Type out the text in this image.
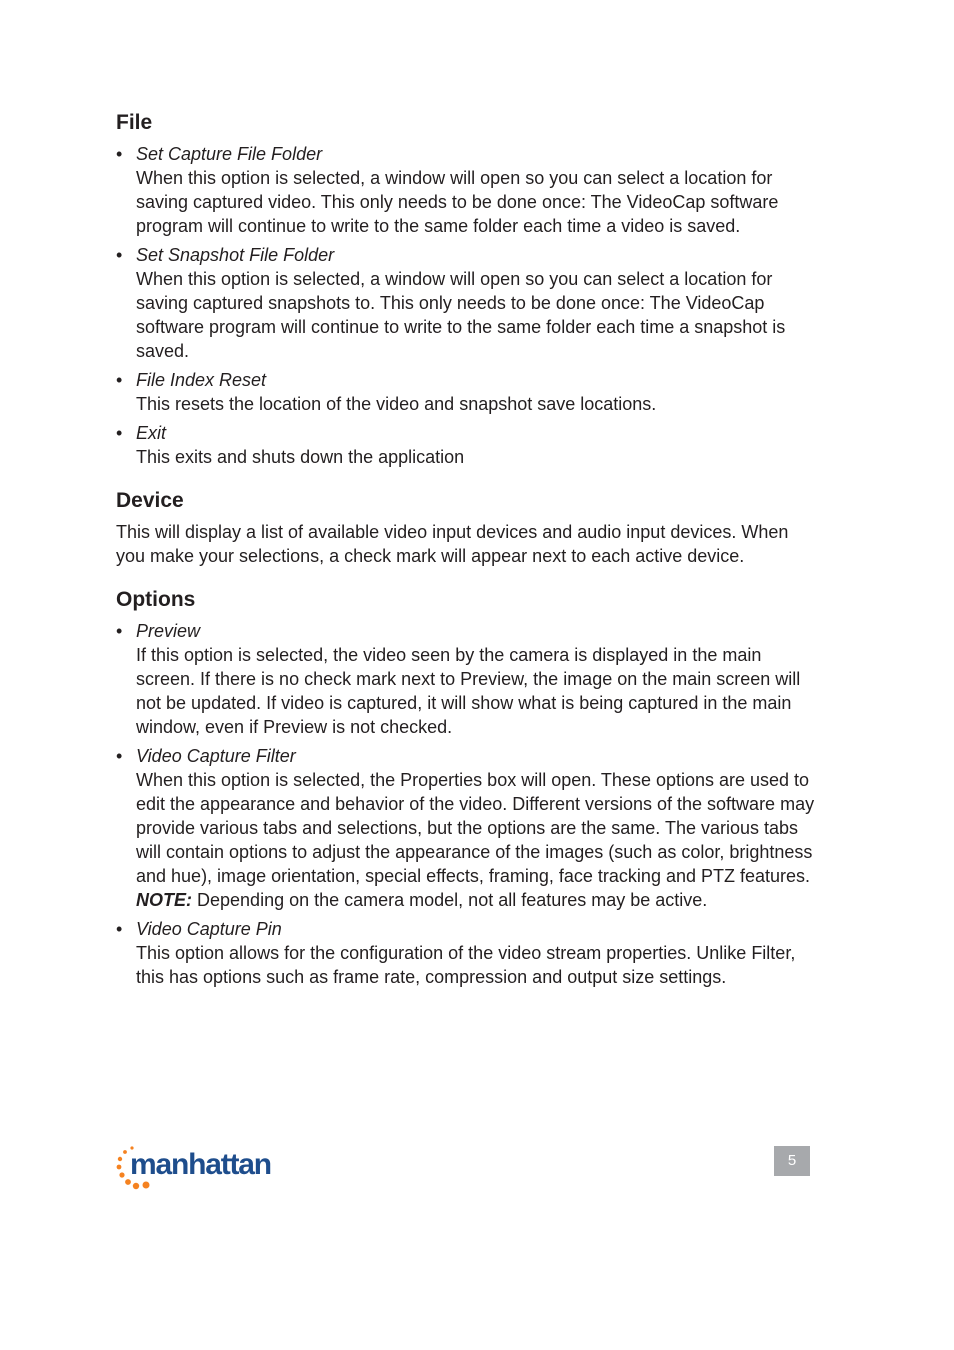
File
• Set Capture File Folder
When this option is selected, a window will open so you can select a location for saving captured video. This only needs to be done once: The VideoCap software program will continue to write to the same folder each time a video is saved.
• Set Snapshot File Folder
When this option is selected, a window will open so you can select a location for saving captured snapshots to. This only needs to be done once: The VideoCap software program will continue to write to the same folder each time a snapshot is saved.
• File Index Reset
This resets the location of the video and snapshot save locations.
• Exit
This exits and shuts down the application
Device

This will display a list of available video input devices and audio input devices. When you make your selections, a check mark will appear next to each active device.

Options
• Preview
If this option is selected, the video seen by the camera is displayed in the main screen. If there is no check mark next to Preview, the image on the main screen will not be updated. If video is captured, it will show what is being captured in the main window, even if Preview is not checked.
• Video Capture Filter
When this option is selected, the Properties box will open. These options are used to edit the appearance and behavior of the video. Different versions of the software may provide various tabs and selections, but the options are the same. The various tabs will contain options to adjust the appearance of the images (such as color, brightness and hue), image orientation, special effects, framing, face tracking and PTZ features. NOTE: Depending on the camera model, not all features may be active.
• Video Capture Pin
This option allows for the configuration of the video stream properties. Unlike Filter, this has options such as frame rate, compression and output size settings.
manhattan	5
